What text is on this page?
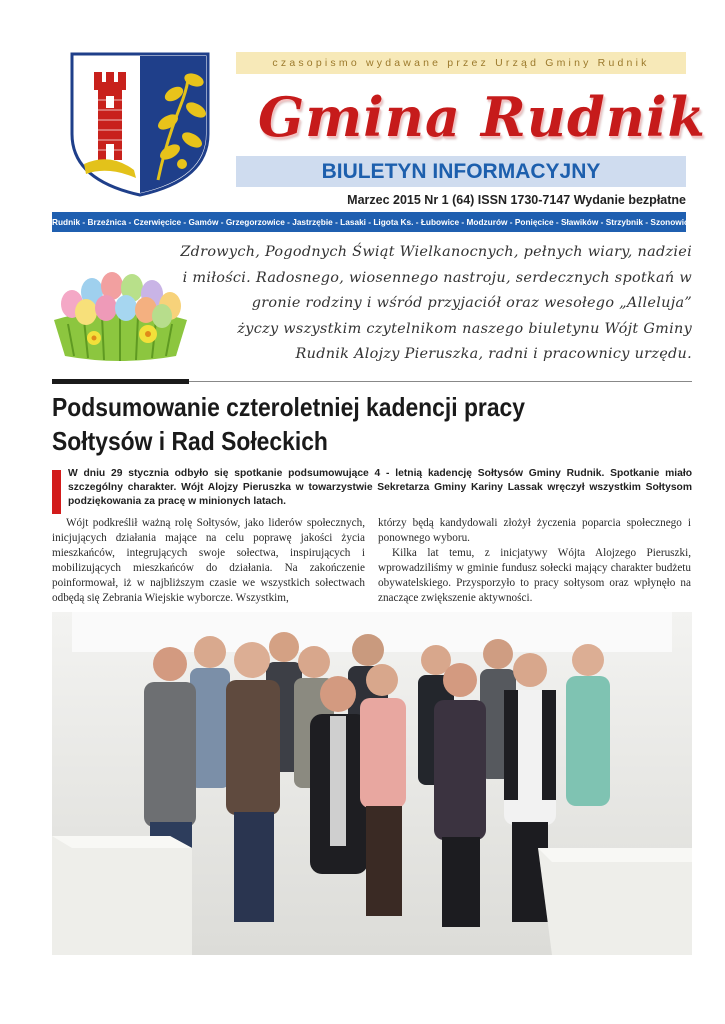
czasopismo wydawane przez Urząd Gminy Rudnik
Gmina Rudnik
BIULETYN INFORMACYJNY
Marzec 2015 Nr 1 (64) ISSN 1730-7147 Wydanie bezpłatne
Rudnik - Brzeźnica - Czerwięcice - Gamów - Grzegorzowice - Jastrzębie - Lasaki - Ligota Ks. - Łubowice - Modzurów - Ponięcice - Sławików - Strzybnik - Szonowice
Zdrowych, Pogodnych Świąt Wielkanocnych, pełnych wiary, nadziei
i miłości. Radosnego, wiosennego nastroju, serdecznych spotkań w
gronie rodziny i wśród przyjaciół oraz wesołego „Alleluja”
życzy wszystkim czytelnikom naszego biuletynu Wójt Gminy
Rudnik Alojzy Pieruszka, radni i pracownicy urzędu.
Podsumowanie czteroletniej kadencji pracy
Sołtysów i Rad Sołeckich
W dniu 29 stycznia odbyło się spotkanie podsumowujące 4 - letnią kadencję Sołtysów Gminy Rudnik. Spotkanie miało szczególny charakter. Wójt Alojzy Pieruszka w towarzystwie Sekretarza Gminy Kariny Lassak wręczył wszystkim Sołtysom podziękowania za pracę w minionych latach.

Wójt podkreślił ważną rolę Sołtysów, jako liderów społecznych, inicjujących działania mające na celu poprawę jakości życia mieszkańców, integrujących swoje sołectwa, inspirujących i mobilizujących mieszkańców do działania. Na zakończenie poinformował, iż w najbliższym czasie we wszystkich sołectwach odbędą się Zebrania Wiejskie wyborcze. Wszystkim,

którzy będą kandydowali złożył życzenia poparcia społecznego i ponownego wyboru.

Kilka lat temu, z inicjatywy Wójta Alojzego Pieruszki, wprowadziliśmy w gminie fundusz sołecki mający charakter budżetu obywatelskiego. Przysporzyło to pracy sołtysom oraz wpłynęło na znaczące zwiększenie aktywności.
